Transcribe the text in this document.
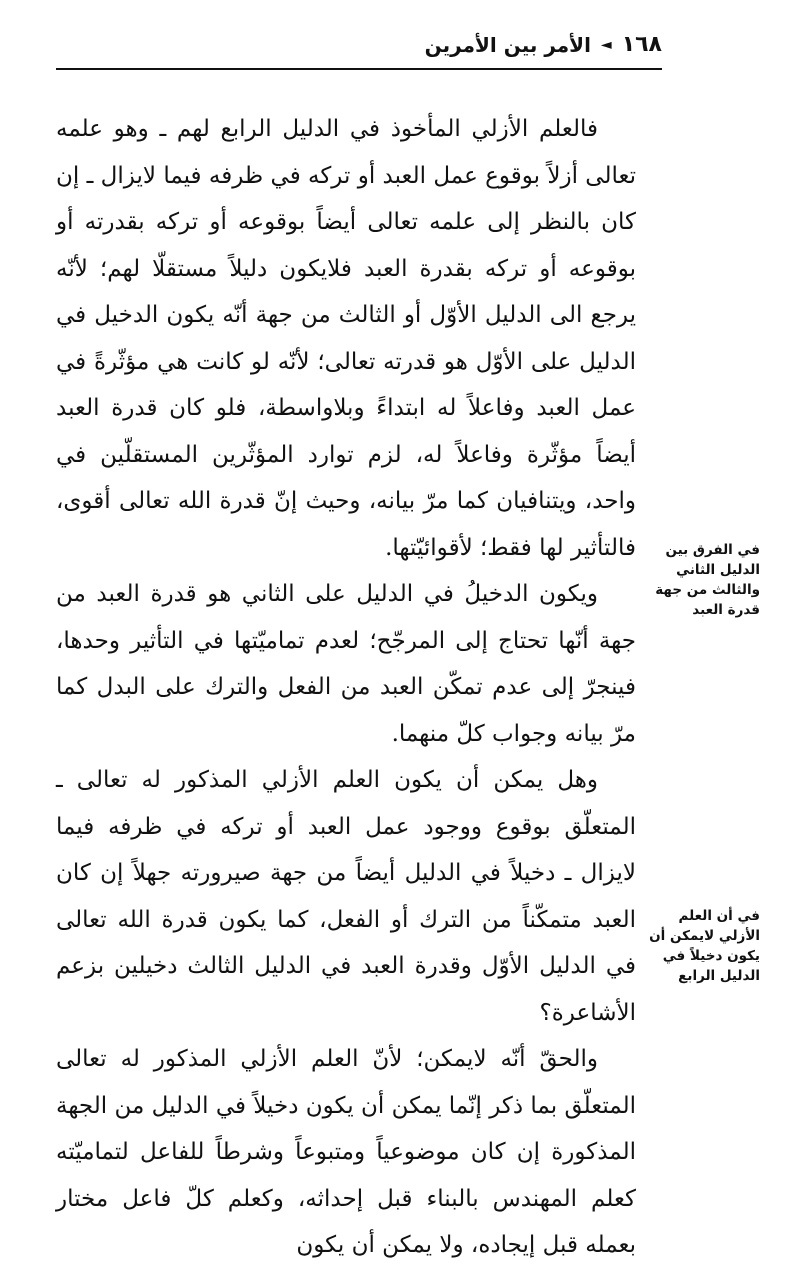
١٦٨
◄
الأمر بين الأمرين

فالعلم الأزلي المأخوذ في الدليل الرابع لهم ـ وهو علمه تعالى أزلاً بوقوع عمل العبد أو تركه في ظرفه فيما لايزال ـ إن كان بالنظر إلى علمه تعالى أيضاً بوقوعه أو تركه بقدرته أو بوقوعه أو تركه بقدرة العبد فلايكون دليلاً مستقلّا لهم؛ لأنّه يرجع الى الدليل الأوّل أو الثالث من جهة أنّه يكون الدخيل في الدليل على الأوّل هو قدرته تعالى؛ لأنّه لو كانت هي مؤثّرةً في عمل العبد وفاعلاً له ابتداءً وبلاواسطة، فلو كان قدرة العبد أيضاً مؤثّرة وفاعلاً له، لزم توارد المؤثّرين المستقلّين في واحد، ويتنافيان كما مرّ بيانه، وحيث إنّ قدرة الله تعالى أقوى، فالتأثير لها فقط؛ لأقوائيّتها.

ويكون الدخيلُ في الدليل على الثاني هو قدرة العبد من جهة أنّها تحتاج إلى المرجّح؛ لعدم تماميّتها في التأثير وحدها، فينجرّ إلى عدم تمكّن العبد من الفعل والترك على البدل كما مرّ بيانه وجواب كلّ منهما.

وهل يمكن أن يكون العلم الأزلي المذكور له تعالى ـ المتعلّق بوقوع ووجود عمل العبد أو تركه في ظرفه فيما لايزال ـ دخيلاً في الدليل أيضاً من جهة صيرورته جهلاً إن كان العبد متمكّناً من الترك أو الفعل، كما يكون قدرة الله تعالى في الدليل الأوّل وقدرة العبد في الدليل الثالث دخيلين بزعم الأشاعرة؟

والحقّ أنّه لايمكن؛ لأنّ العلم الأزلي المذكور له تعالى المتعلّق بما ذكر إنّما يمكن أن يكون دخيلاً في الدليل من الجهة المذكورة إن كان موضوعياً ومتبوعاً وشرطاً للفاعل لتماميّته كعلم المهندس بالبناء قبل إحداثه، وكعلم كلّ فاعل مختار بعمله قبل إيجاده، ولا يمكن أن يكون

في الفرق بين الدليل الثاني والثالث من جهة قدرة العبد
في أن العلم الأزلي لايمكن أن يكون دخيلاً في الدليل الرابع
